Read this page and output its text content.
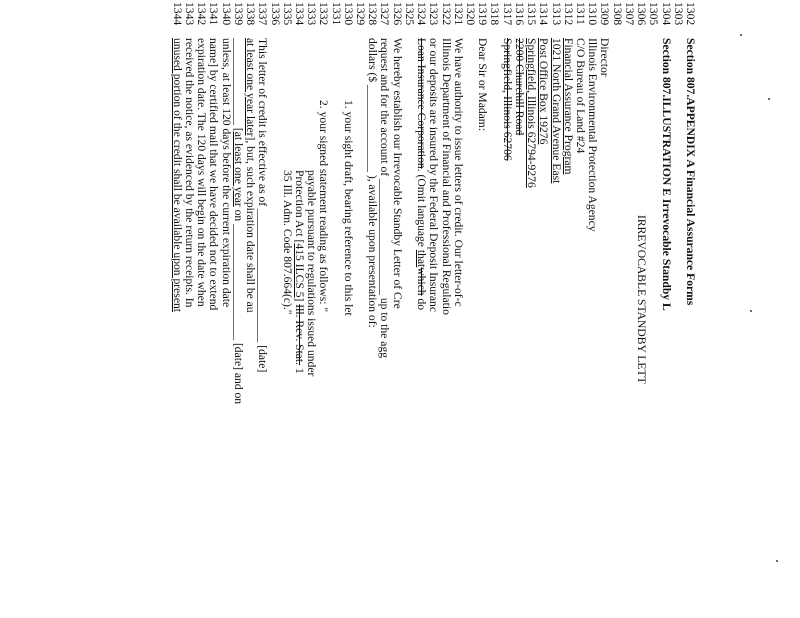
1302
Section 807.APPENDIX A Financial Assurance Forms
1303
1304
Section 807.ILLUSTRATION E Irrevocable Standby L
1305
1306
IRREVOCABLE STANDBY LETT
1307
1308
1309
Director
1310
Illinois Environmental Protection Agency
1311
C/O Bureau of Land #24
1312
Financial Assurance Program
1313
1021 North Grand Avenue East
1314
Post Office Box 19276
1315
Springfield, Illinois 62794-9276
1316
2200 Churchill Road
1317
Springfield, Illinois 62706
1318
1319
Dear Sir or Madam:
1320
1321
We have authority to issue letters of credit. Our letter-of-c
1322
Illinois Department of Financial and Professional Regulatio
1323
or our deposits are insured by the Federal Deposit Insuranc
1324
Loan Insurance Corporation. (Omit language thatwhich do
1325
1326
We hereby establish our Irrevocable Standby Letter of Cre
1327
request and for the account of ____________________ up to the agg
1328
dollars ($ _______________ ), available upon presentation of:
1329
1330
1. your sight draft, bearing reference to this let
1331
1332
2. your signed statement reading as follows: "
1333
payable pursuant to regulations issued under
1334
Protection Act [415 ILCS 5] Ill. Rev. Stat. 1
1335
35 Ill. Adm. Code 807.664(c)."
1336
1337
This letter of credit is effective as of _______________________ [date]
1338
at least one year later], but, such expiration date shall be au
1339
_______________ [at least one year on ____________________ [date] and on
1340
unless, at least 120 days before the current expiration date
1341
name] by certified mail that we have decided not to extend
1342
expiration date. The 120 days will begin on the date when
1343
received the notice, as evidenced by the return receipts. In
1344
unused portion of the credit shall be available upon present
